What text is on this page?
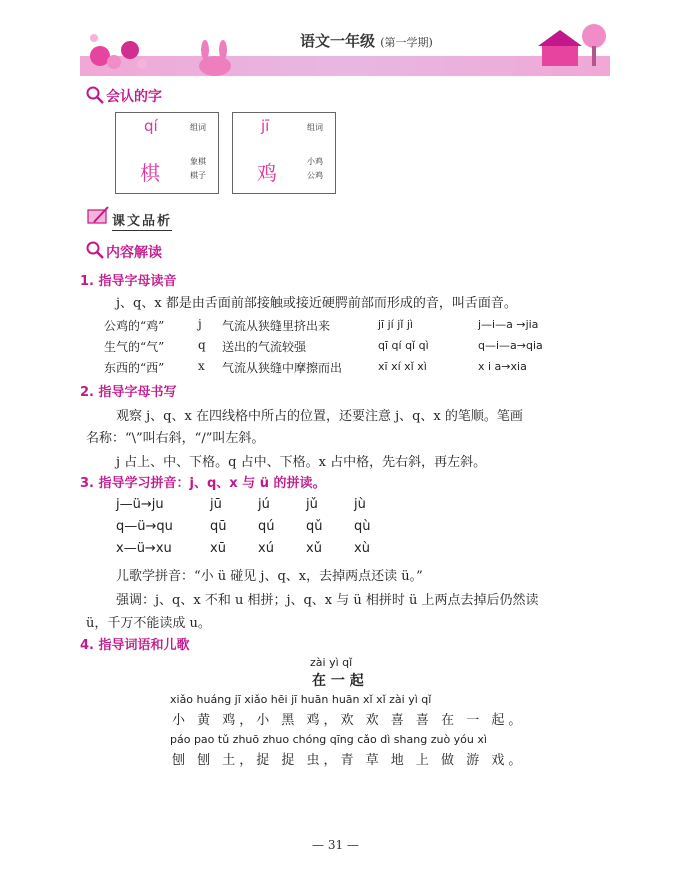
语文一年级 (第一学期)
会认的字
qí	组词
棋	象棋
棋子
jī	组词
鸡	小鸡
公鸡
课文品析
内容解读
1. 指导字母读音
j、q、x 都是由舌面前部接触或接近硬腭前部而形成的音，叫舌面音。
公鸡的“鸡”	j 气流从狭缝里挤出来	jī jí jǐ jì	j—i—a →jia
生气的“气”	q 送出的气流较强	qī qí qǐ qì	q—i—a→qia
东西的“西”	x 气流从狭缝中摩擦而出	xī xí xǐ xì	x i a→xia
2. 指导字母书写
观察 j、q、x 在四线格中所占的位置，还要注意 j、q、x 的笔顺。笔画
名称：“\”叫右斜，“/”叫左斜。
j 占上、中、下格。q 占中、下格。x 占中格，先右斜，再左斜。
3. 指导学习拼音：j、q、x 与 ü 的拼读。
j—ü→ju	jū	jú	jǔ	jù
q—ü→qu	qū qú qǔ qù
x—ü→xu	xū xú xǔ xù
儿歌学拼音：“小 ü 碰见 j、q、x，去掉两点还读 ü。”
强调：j、q、x 不和 u 相拼；j、q、x 与 ü 相拼时 ü 上两点去掉后仍然读
ü，千万不能读成 u。
4. 指导词语和儿歌
zài yì qǐ
在 一 起
xiǎo huáng jī xiǎo hēi jī huān huān xǐ xǐ zài yì qǐ
小 黄 鸡，小 黑 鸡，欢 欢 喜 喜 在 一 起。
páo pao tǔ zhuō zhuo chóng qīng cǎo dì shang zuò yóu xì
刨 刨 土，捉 捉 虫，青 草 地 上 做 游 戏。
— 31 —
